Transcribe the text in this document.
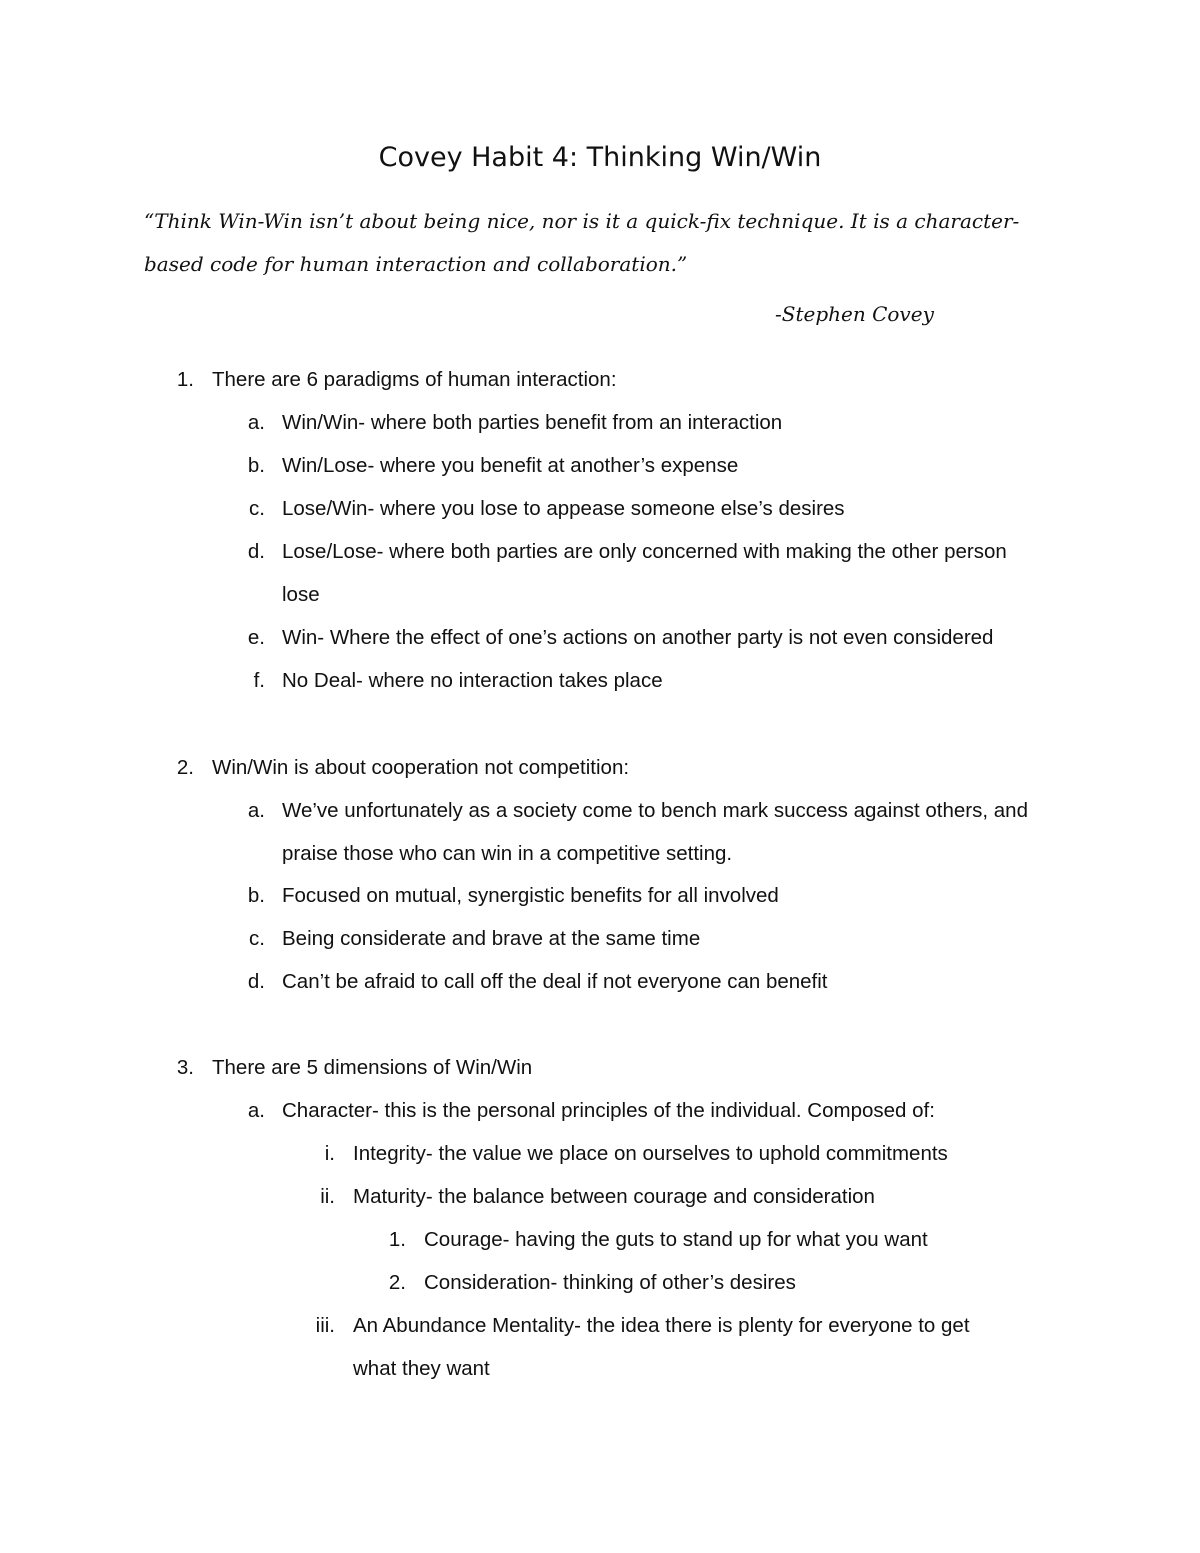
Covey Habit 4: Thinking Win/Win

“Think Win-Win isn’t about being nice, nor is it a quick-fix technique. It is a character-based code for human interaction and collaboration.”

-Stephen Covey

1. There are 6 paradigms of human interaction:
a. Win/Win- where both parties benefit from an interaction
b. Win/Lose- where you benefit at another’s expense
c. Lose/Win- where you lose to appease someone else’s desires
d. Lose/Lose- where both parties are only concerned with making the other person
lose
e. Win- Where the effect of one’s actions on another party is not even considered
f. No Deal- where no interaction takes place
2. Win/Win is about cooperation not competition:
a. We’ve unfortunately as a society come to bench mark success against others, and
praise those who can win in a competitive setting.
b. Focused on mutual, synergistic benefits for all involved
c. Being considerate and brave at the same time
d. Can’t be afraid to call off the deal if not everyone can benefit
3. There are 5 dimensions of Win/Win
a. Character- this is the personal principles of the individual. Composed of:
i. Integrity- the value we place on ourselves to uphold commitments
ii. Maturity- the balance between courage and consideration
1. Courage- having the guts to stand up for what you want
2. Consideration- thinking of other’s desires
iii. An Abundance Mentality- the idea there is plenty for everyone to get
what they want
